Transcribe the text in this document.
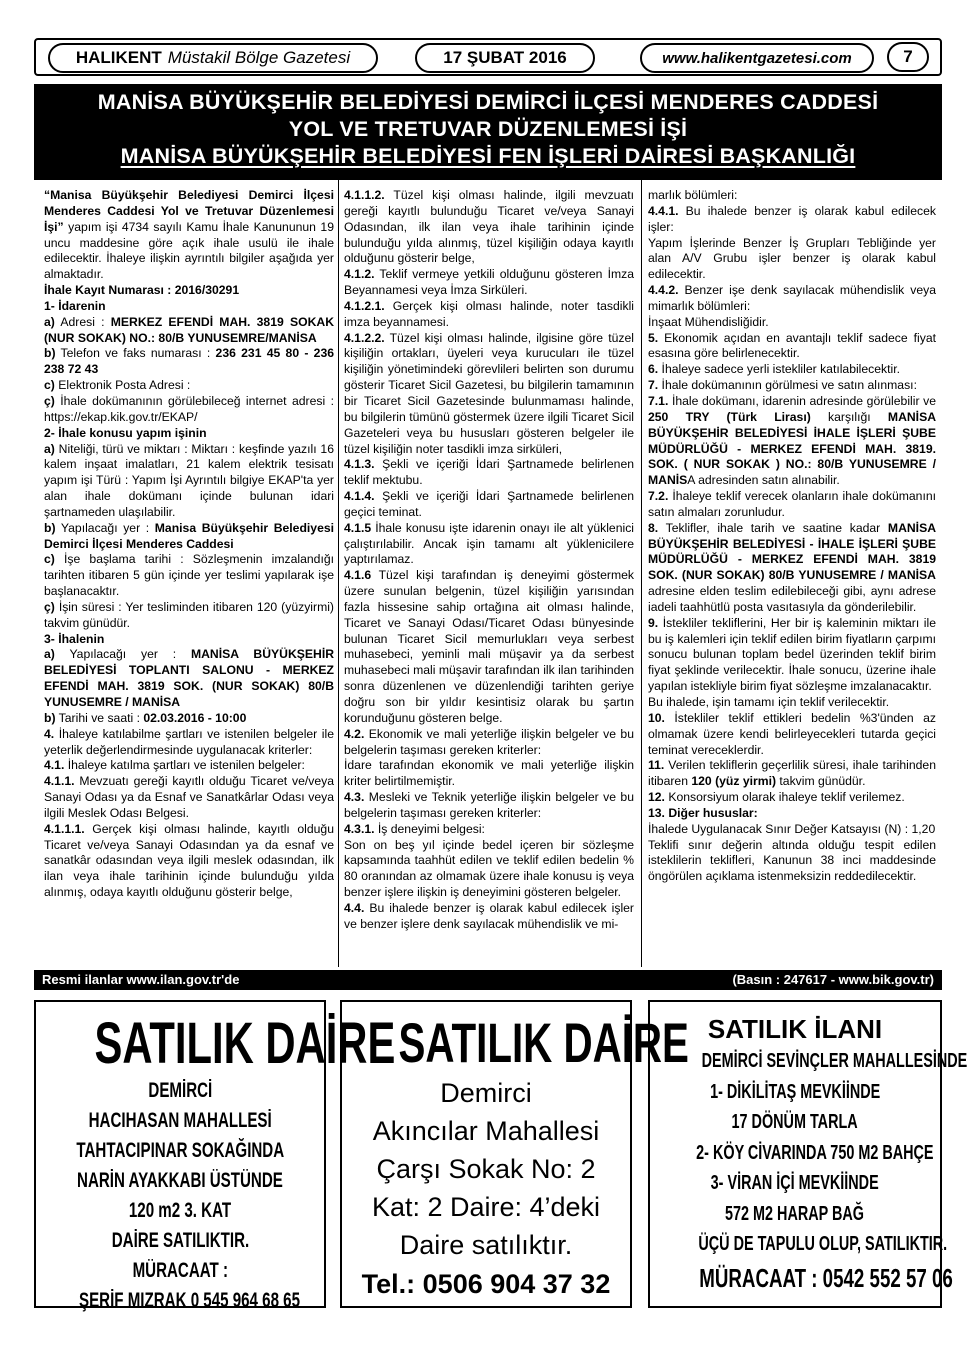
HALIKENT Müstakil Bölge Gazetesi	17 ŞUBAT 2016	www.halikentgazetesi.com	7
MANİSA BÜYÜKŞEHİR BELEDİYESİ DEMİRCİ İLÇESİ MENDERES CADDESİ
YOL VE TRETUVAR DÜZENLEMESİ İŞİ
MANİSA BÜYÜKŞEHİR BELEDİYESİ FEN İŞLERİ DAİRESİ BAŞKANLIĞI

“Manisa Büyükşehir Belediyesi Demirci İlçesi Menderes Caddesi Yol ve Tretuvar Düzenlemesi İşi” yapım işi 4734 sayılı Kamu İhale Kanununun 19 uncu maddesine göre açık ihale usulü ile ihale edilecektir. İhaleye ilişkin ayrıntılı bilgiler aşağıda yer almaktadır.

İhale Kayıt Numarası : 2016/30291

1- İdarenin

a) Adresi : MERKEZ EFENDİ MAH. 3819 SOKAK (NUR SOKAK) NO.: 80/B YUNUSEMRE/MANİSA

b) Telefon ve faks numarası : 236 231 45 80 - 236 238 72 43

c) Elektronik Posta Adresi :

ç) İhale dokümanının görülebileceğ internet adresi : https://ekap.kik.gov.tr/EKAP/

2- İhale konusu yapım işinin

a) Niteliği, türü ve miktarı : Miktarı : keşfinde yazılı 16 kalem inşaat imalatları, 21 kalem elektrik tesisatı yapım işi Türü : Yapım İşi Ayrıntılı bilgiye EKAP'ta yer alan ihale dokümanı içinde bulunan idari şartnameden ulaşılabilir.

b) Yapılacağı yer : Manisa Büyükşehir Belediyesi Demirci İlçesi Menderes Caddesi

c) İşe başlama tarihi : Sözleşmenin imzalandığı tarihten itibaren 5 gün içinde yer teslimi yapılarak işe başlanacaktır.

ç) İşin süresi : Yer tesliminden itibaren 120 (yüzyirmi) takvim günüdür.

3- İhalenin

a) Yapılacağı yer : MANİSA BÜYÜKŞEHİR BELEDİYESİ TOPLANTI SALONU - MERKEZ EFENDİ MAH. 3819 SOK. (NUR SOKAK) 80/B YUNUSEMRE / MANİSA

b) Tarihi ve saati : 02.03.2016 - 10:00

4. İhaleye katılabilme şartları ve istenilen belgeler ile yeterlik değerlendirmesinde uygulanacak kriterler:

4.1. İhaleye katılma şartları ve istenilen belgeler:

4.1.1. Mevzuatı gereği kayıtlı olduğu Ticaret ve/veya Sanayi Odası ya da Esnaf ve Sanatkârlar Odası veya ilgili Meslek Odası Belgesi.

4.1.1.1. Gerçek kişi olması halinde, kayıtlı olduğu Ticaret ve/veya Sanayi Odasından ya da esnaf ve sanatkâr odasından veya ilgili meslek odasından, ilk ilan veya ihale tarihinin içinde bulunduğu yılda alınmış, odaya kayıtlı olduğunu gösterir belge,

4.1.1.2. Tüzel kişi olması halinde, ilgili mevzuatı gereği kayıtlı bulunduğu Ticaret ve/veya Sanayi Odasından, ilk ilan veya ihale tarihinin içinde bulunduğu yılda alınmış, tüzel kişiliğin odaya kayıtlı olduğunu gösterir belge,

4.1.2. Teklif vermeye yetkili olduğunu gösteren İmza Beyannamesi veya İmza Sirküleri.

4.1.2.1. Gerçek kişi olması halinde, noter tasdikli imza beyannamesi.

4.1.2.2. Tüzel kişi olması halinde, ilgisine göre tüzel kişiliğin ortakları, üyeleri veya kurucuları ile tüzel kişiliğin yönetimindeki görevlileri belirten son durumu gösterir Ticaret Sicil Gazetesi, bu bilgilerin tamamının bir Ticaret Sicil Gazetesinde bulunmaması halinde, bu bilgilerin tümünü göstermek üzere ilgili Ticaret Sicil Gazeteleri veya bu hususları gösteren belgeler ile tüzel kişiliğin noter tasdikli imza sirküleri,

4.1.3. Şekli ve içeriği İdari Şartnamede belirlenen teklif mektubu.

4.1.4. Şekli ve içeriği İdari Şartnamede belirlenen geçici teminat.

4.1.5 İhale konusu işte idarenin onayı ile alt yüklenici çalıştırılabilir. Ancak işin tamamı alt yüklenicilere yaptırılamaz.

4.1.6 Tüzel kişi tarafından iş deneyimi göstermek üzere sunulan belgenin, tüzel kişiliğin yarısından fazla hissesine sahip ortağına ait olması halinde, Ticaret ve Sanayi Odası/Ticaret Odası bünyesinde bulunan Ticaret Sicil memurlukları veya serbest muhasebeci, yeminli mali müşavir ya da serbest muhasebeci mali müşavir tarafından ilk ilan tarihinden sonra düzenlenen ve düzenlendiği tarihten geriye doğru son bir yıldır kesintisiz olarak bu şartın korunduğunu gösteren belge.

4.2. Ekonomik ve mali yeterliğe ilişkin belgeler ve bu belgelerin taşıması gereken kriterler:

İdare tarafından ekonomik ve mali yeterliğe ilişkin kriter belirtilmemiştir.

4.3. Mesleki ve Teknik yeterliğe ilişkin belgeler ve bu belgelerin taşıması gereken kriterler:

4.3.1. İş deneyimi belgesi:

Son on beş yıl içinde bedel içeren bir sözleşme kapsamında taahhüt edilen ve teklif edilen bedelin % 80 oranından az olmamak üzere ihale konusu iş veya benzer işlere ilişkin iş deneyimini gösteren belgeler.

4.4. Bu ihalede benzer iş olarak kabul edilecek işler ve benzer işlere denk sayılacak mühendislik ve mi-

marlık bölümleri:

4.4.1. Bu ihalede benzer iş olarak kabul edilecek işler:

Yapım İşlerinde Benzer İş Grupları Tebliğinde yer alan A/V Grubu işler benzer iş olarak kabul edilecektir.

4.4.2. Benzer işe denk sayılacak mühendislik veya mimarlık bölümleri:

İnşaat Mühendisliğidir.

5. Ekonomik açıdan en avantajlı teklif sadece fiyat esasına göre belirlenecektir.

6. İhaleye sadece yerli istekliler katılabilecektir.

7. İhale dokümanının görülmesi ve satın alınması:

7.1. İhale dokümanı, idarenin adresinde görülebilir ve 250 TRY (Türk Lirası) karşılığı MANİSA BÜYÜKŞEHİR BELEDİYESİ İHALE İŞLERİ ŞUBE MÜDÜRLÜĞÜ - MERKEZ EFENDİ MAH. 3819. SOK. ( NUR SOKAK ) NO.: 80/B YUNUSEMRE / MANİSA adresinden satın alınabilir.

7.2. İhaleye teklif verecek olanların ihale dokümanını satın almaları zorunludur.

8. Teklifler, ihale tarih ve saatine kadar MANİSA BÜYÜKŞEHİR BELEDİYESİ - İHALE İŞLERİ ŞUBE MÜDÜRLÜĞÜ - MERKEZ EFENDİ MAH. 3819 SOK. (NUR SOKAK) 80/B YUNUSEMRE / MANİSA adresine elden teslim edilebileceği gibi, aynı adrese iadeli taahhütlü posta vasıtasıyla da gönderilebilir.

9. İstekliler tekliflerini, Her bir iş kaleminin miktarı ile bu iş kalemleri için teklif edilen birim fiyatların çarpımı sonucu bulunan toplam bedel üzerinden teklif birim fiyat şeklinde verilecektir. İhale sonucu, üzerine ihale yapılan istekliyle birim fiyat sözleşme imzalanacaktır.

Bu ihalede, işin tamamı için teklif verilecektir.

10. İstekliler teklif ettikleri bedelin %3'ünden az olmamak üzere kendi belirleyecekleri tutarda geçici teminat vereceklerdir.

11. Verilen tekliflerin geçerlilik süresi, ihale tarihinden itibaren 120 (yüz yirmi) takvim günüdür.

12. Konsorsiyum olarak ihaleye teklif verilemez.

13. Diğer hususlar:

İhalede Uygulanacak Sınır Değer Katsayısı (N) : 1,20

Teklifi sınır değerin altında olduğu tespit edilen isteklilerin teklifleri, Kanunun 38 inci maddesinde öngörülen açıklama istenmeksizin reddedilecektir.

Resmi ilanlar www.ilan.gov.tr'de	(Basın : 247617 - www.bik.gov.tr)
SATILIK DAİRE
DEMİRCİ
HACIHASAN MAHALLESİ
TAHTACIPINAR SOKAĞINDA
NARİN AYAKKABI ÜSTÜNDE
120 m2 3. KAT
DAİRE SATILIKTIR.
MÜRACAAT :
ŞERİF MIZRAK 0 545 964 68 65
SATILIK DAİRE
Demirci
Akıncılar Mahallesi
Çarşı Sokak No: 2
Kat: 2 Daire: 4’deki
Daire satılıktır.
Tel.: 0506 904 37 32
SATILIK İLANI
DEMİRCİ SEVİNÇLER MAHALLESİNDE
1- DİKİLİTAŞ MEVKİİNDE
17 DÖNÜM TARLA
2- KÖY CİVARINDA 750 M2 BAHÇE
3- VİRAN İÇİ MEVKİİNDE
572 M2 HARAP BAĞ
ÜÇÜ DE TAPULU OLUP, SATILIKTIR.
MÜRACAAT : 0542 552 57 06
